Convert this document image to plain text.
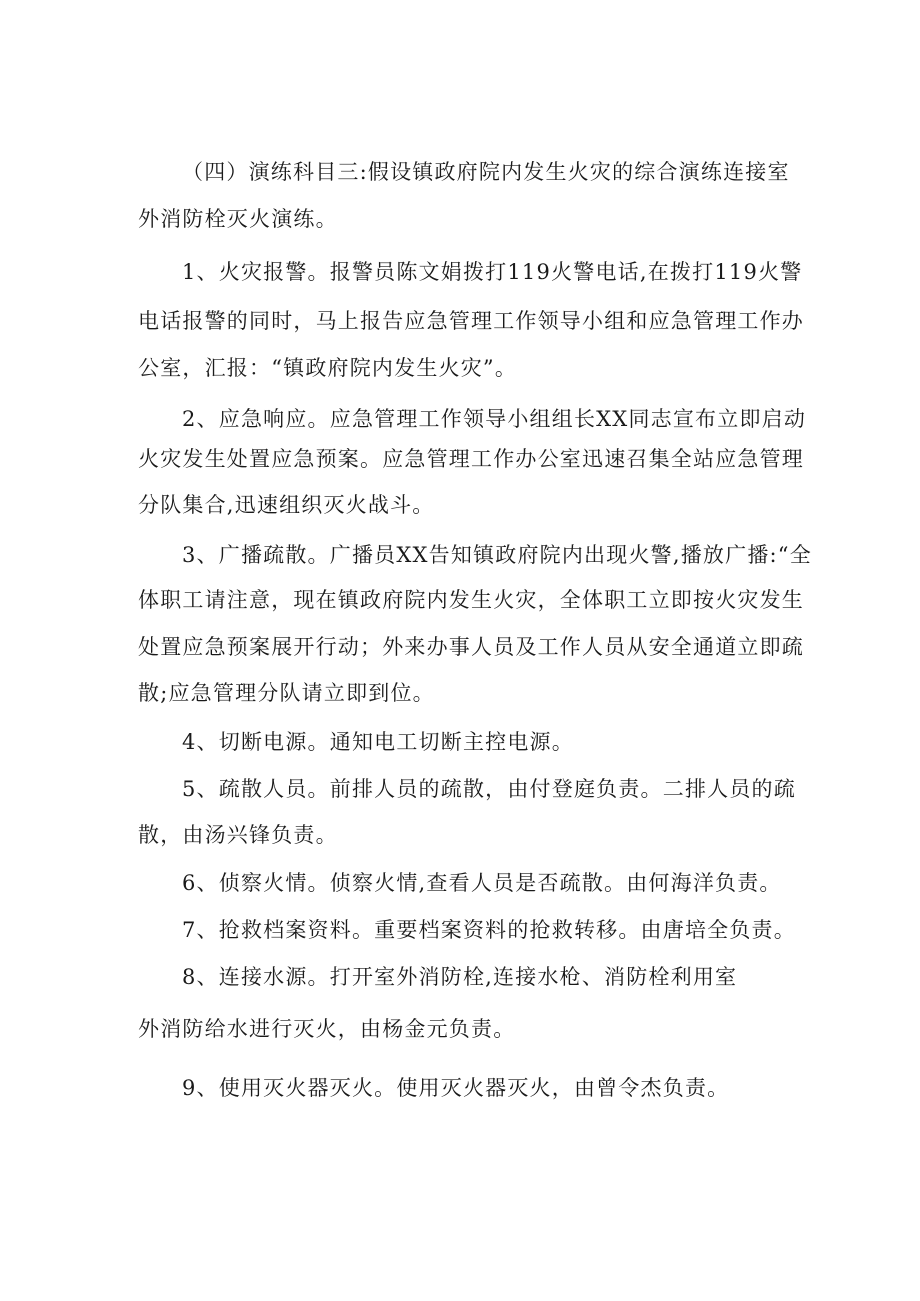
（四）演练科目三:假设镇政府院内发生火灾的综合演练连接室

外消防栓灭火演练。

1、火灾报警。报警员陈文娟拨打119火警电话,在拨打119火警

电话报警的同时，马上报告应急管理工作领导小组和应急管理工作办

公室，汇报：“镇政府院内发生火灾”。

2、应急响应。应急管理工作领导小组组长XX同志宣布立即启动

火灾发生处置应急预案。应急管理工作办公室迅速召集全站应急管理

分队集合,迅速组织灭火战斗。

3、广播疏散。广播员XX告知镇政府院内出现火警,播放广播:“全

体职工请注意，现在镇政府院内发生火灾，全体职工立即按火灾发生

处置应急预案展开行动；外来办事人员及工作人员从安全通道立即疏

散;应急管理分队请立即到位。

4、切断电源。通知电工切断主控电源。

5、疏散人员。前排人员的疏散，由付登庭负责。二排人员的疏

散，由汤兴锋负责。

6、侦察火情。侦察火情,查看人员是否疏散。由何海洋负责。

7、抢救档案资料。重要档案资料的抢救转移。由唐培全负责。

8、连接水源。打开室外消防栓,连接水枪、消防栓利用室

外消防给水进行灭火，由杨金元负责。

9、使用灭火器灭火。使用灭火器灭火，由曾令杰负责。
